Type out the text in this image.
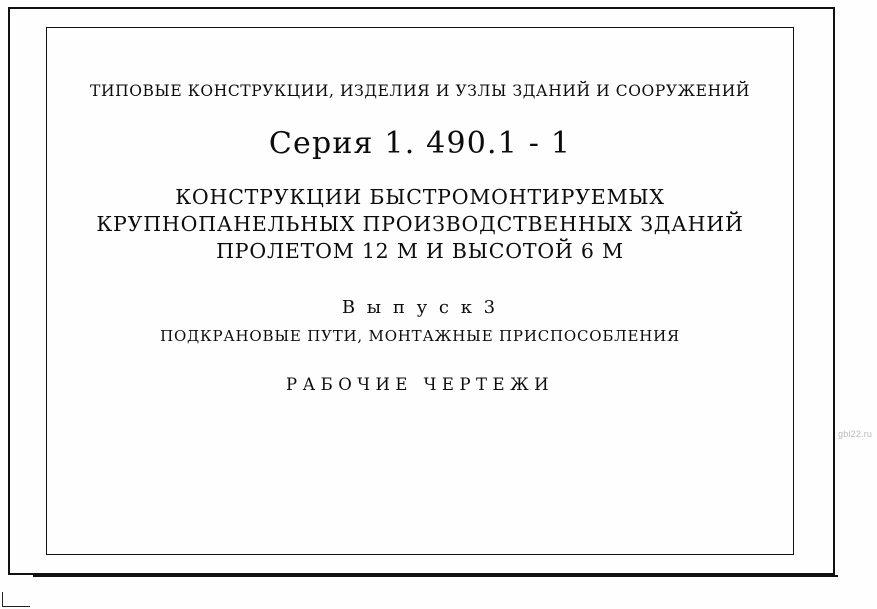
ТИПОВЫЕ КОНСТРУКЦИИ, ИЗДЕЛИЯ И УЗЛЫ ЗДАНИЙ И СООРУЖЕНИЙ
Серия 1. 490.1 - 1
КОНСТРУКЦИИ БЫСТРОМОНТИРУЕМЫХ
КРУПНОПАНЕЛЬНЫХ ПРОИЗВОДСТВЕННЫХ ЗДАНИЙ
ПРОЛЕТОМ 12 М И ВЫСОТОЙ 6 М
В ы п у с к 3
ПОДКРАНОВЫЕ ПУТИ, МОНТАЖНЫЕ ПРИСПОСОБЛЕНИЯ
РАБОЧИЕ ЧЕРТЕЖИ
gbi22.ru
